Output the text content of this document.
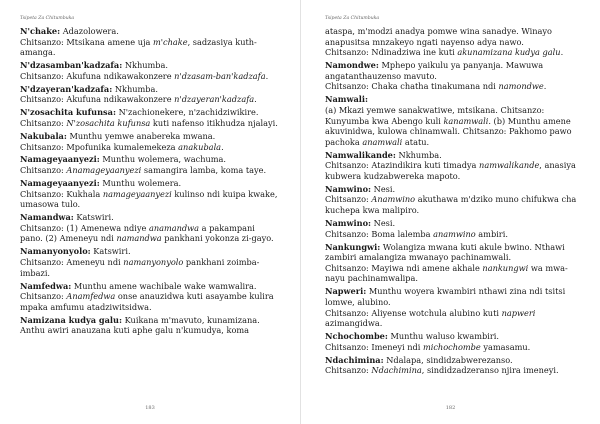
Tsipeta Za Chitumbuka
N'chake: Adazolowera.
Chitsanzo: Mtsikana amene uja m'chake, sadzasiya kuth-amanga.
N'dzasamban'kadzafa: Nkhumba.
Chitsanzo: Akufuna ndikawakonzere n'dzasam-ban'kadzafa.
N'dzayeran'kadzafa: Nkhumba.
Chitsanzo: Akufuna ndikawakonzere n'dzayeran'kadzafa.
N'zosachita kufunsa: N'zachionekere, n'zachidziwikire.
Chitsanzo: N'zosachita kufunsa kuti nafenso itikhudza njalayi.
Nakubala: Munthu yemwe anabereka mwana.
Chitsanzo: Mpofunika kumalemekeza anakubala.
Namageyaanyezi: Munthu wolemera, wachuma.
Chitsanzo: Anamageyaanyezi samangira lamba, koma taye.
Namageyaanyezi: Munthu wolemera.
Chitsanzo: Kukhala namageyaanyezi kulinso ndi kuipa kwake, umasowa tulo.
Namandwa: Katswiri.
Chitsanzo: (1) Amenewa ndiye anamandwa a pakampani pano. (2) Ameneyu ndi namandwa pankhani yokonza zi-gayo.
Namanyonyolo: Katswiri.
Chitsanzo: Ameneyu ndi namanyonyolo pankhani zoimba-imbazi.
Namfedwa: Munthu amene wachibale wake wamwalira.
Chitsanzo: Anamfedwa onse anauzidwa kuti asayambe kulira mpaka amfumu atadziwitsidwa.
Namizana kudya galu: Kuikana m'mavuto, kunamizana. Anthu awiri anauzana kuti aphe galu n'kumudya, koma
183
Tsipeta Za Chitumbuka
ataspa, m'modzi anadya pomwe wina sanadye. Winayo anapusitsa mnzakeyo ngati nayenso adya nawo.
Chitsanzo: Ndinadziwa ine kuti akunamizana kudya galu.
Namondwe: Mphepo yaikulu ya panyanja. Mawuwa angatanthauzenso mavuto.
Chitsanzo: Chaka chatha tinakumana ndi namondwe.
Namwali:
(a) Mkazi yemwe sanakwatiwe, mtsikana. Chitsanzo: Kunyumba kwa Abengo kuli kanamwali. (b) Munthu amene akuvinidwa, kulowa chinamwali. Chitsanzo: Pakhomo pawo pachoka anamwali atatu.
Namwalikande: Nkhumba.
Chitsanzo: Atazindikira kuti timadya namwalikande, anasiya kubwera kudzabwereka mapoto.
Namwino: Nesi.
Chitsanzo: Anamwino akuthawa m'dziko muno chifukwa cha kuchepa kwa malipiro.
Namwino: Nesi.
Chitsanzo: Boma lalemba anamwino ambiri.
Nankungwi: Wolangiza mwana kuti akule bwino. Nthawi zambiri amalangiza mwanayo pachinamwali.
Chitsanzo: Mayiwa ndi amene akhale nankungwi wa mwa-nayu pachinamwalipa.
Napweri: Munthu woyera kwambiri nthawi zina ndi tsitsi lomwe, alubino.
Chitsanzo: Aliyense wotchula alubino kuti napweri azimangidwa.
Nchochombe: Munthu waluso kwambiri.
Chitsanzo: Imeneyi ndi michochombe yamasamu.
Ndachimina: Ndalapa, sindidzabwerezanso.
Chitsanzo: Ndachimina, sindidzadzeranso njira imeneyi.
182
